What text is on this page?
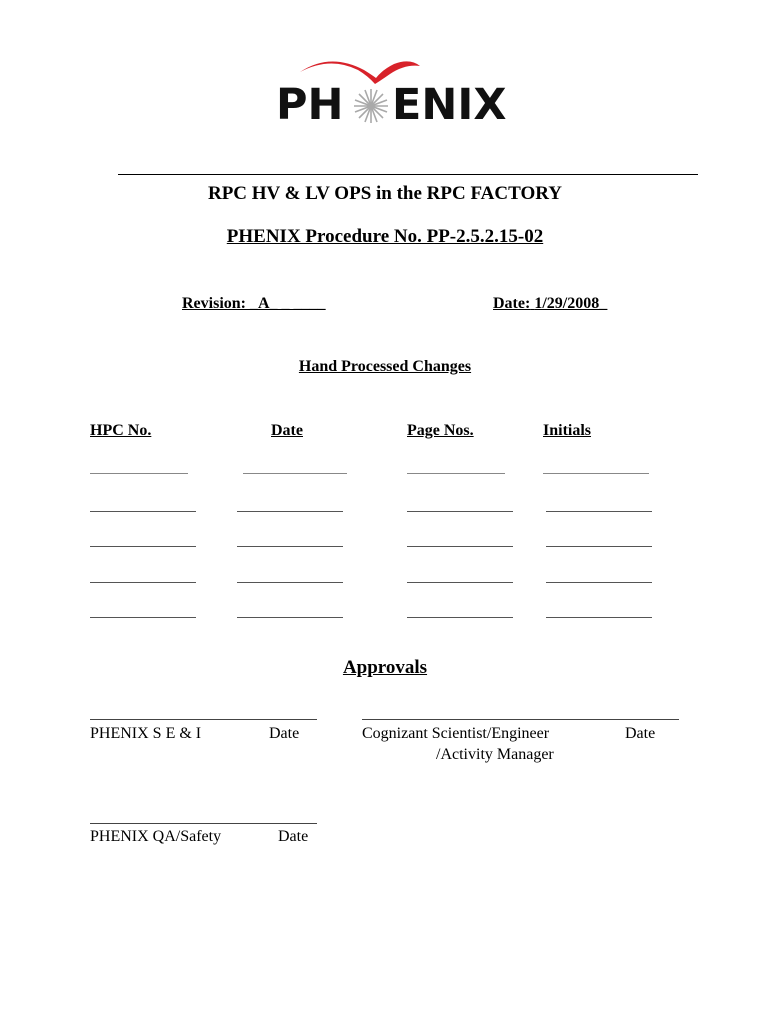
PH ENIX
RPC HV & LV OPS in the RPC FACTORY
PHENIX Procedure No. PP-2.5.2.15-02
Revision: _A_ _ ____	Date: 1/29/2008_
Hand Processed Changes
HPC No.	Date	Page Nos.	Initials
Approvals
PHENIX S E & I	Date	Cognizant Scientist/Engineer
/Activity Manager
Date
PHENIX QA/Safety	Date
